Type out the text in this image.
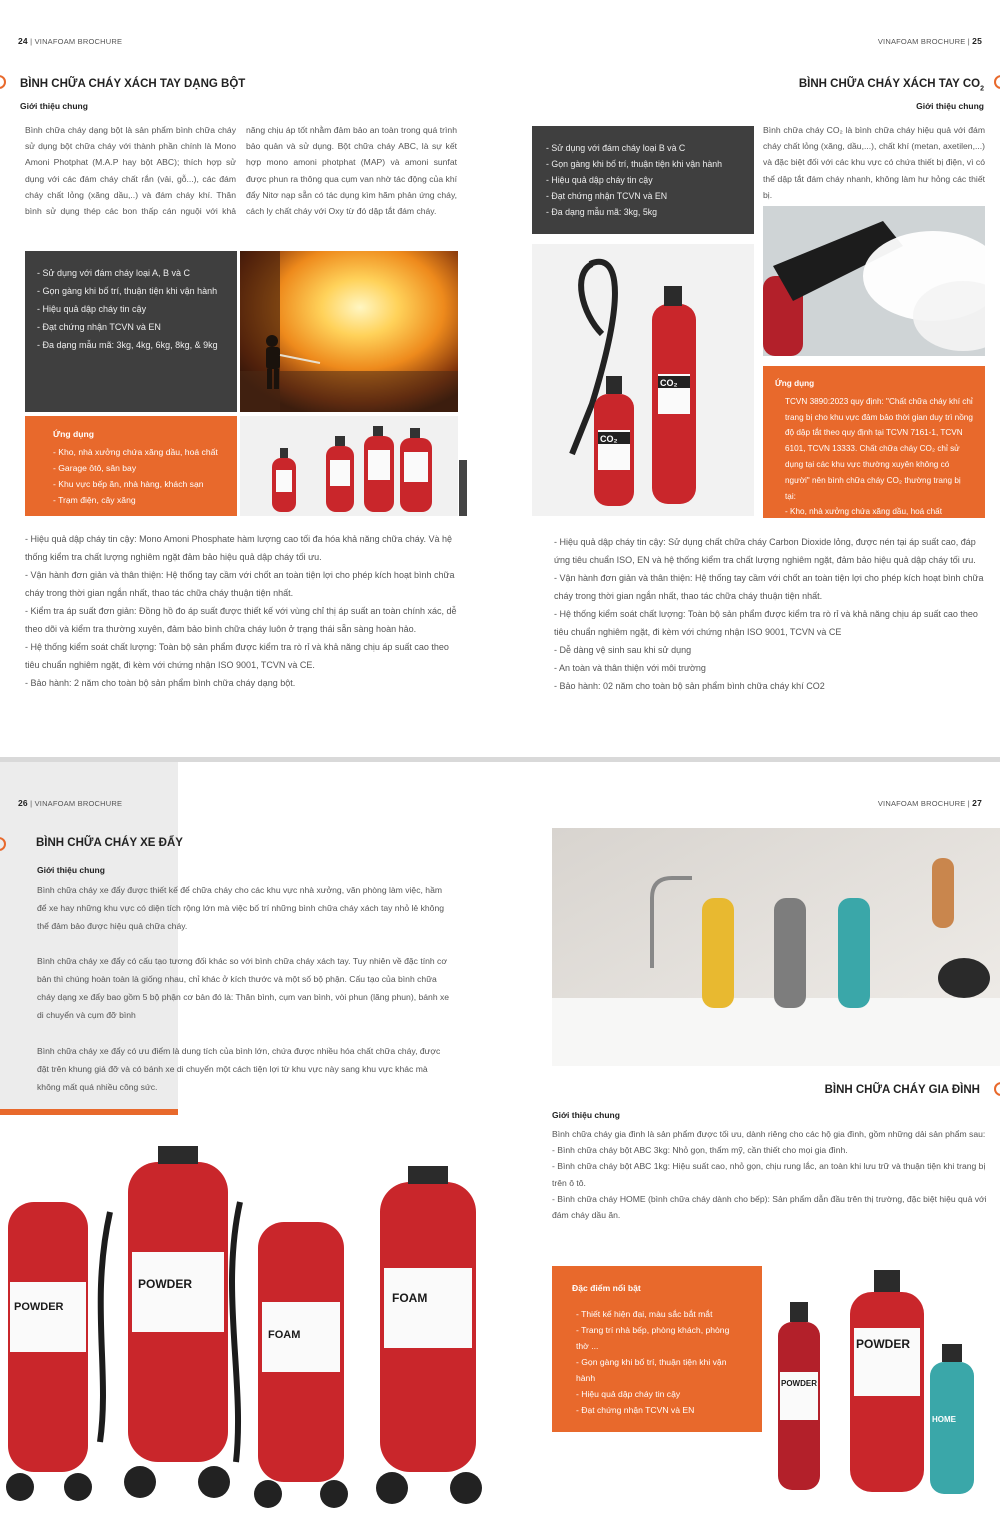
24 | VINAFOAM BROCHURE
BÌNH CHỮA CHÁY XÁCH TAY DẠNG BỘT
Giới thiệu chung
Bình chữa cháy dạng bột là sản phẩm bình chữa cháy sử dụng bột chữa cháy với thành phần chính là Mono Amoni Photphat (M.A.P hay bột ABC); thích hợp sử dụng với các đám cháy chất rắn (vải, gỗ...), các đám cháy chất lỏng (xăng dầu,..) và đám cháy khí. Thân bình sử dụng thép các bon thấp cán nguội với khả năng chịu áp tốt nhằm đảm bảo an toàn trong quá trình bảo quản và sử dụng. Bột chữa cháy ABC, là sự kết hợp mono amoni photphat (MAP) và amoni sunfat được phun ra thông qua cụm van nhờ tác động của khí đẩy Nitơ nạp sẵn có tác dụng kìm hãm phản ứng cháy, cách ly chất cháy với Oxy từ đó dập tắt đám cháy.
- Sử dụng với đám cháy loại A, B và C
- Gọn gàng khi bố trí, thuận tiện khi vận hành
- Hiệu quả dập cháy tin cậy
- Đạt chứng nhận TCVN và EN
- Đa dạng mẫu mã: 3kg, 4kg, 6kg, 8kg, & 9kg
Ứng dụng
- Kho, nhà xưởng chứa xăng dầu, hoá chất
- Garage ôtô, sân bay
- Khu vực bếp ăn, nhà hàng, khách sạn
- Trạm điện, cây xăng

- Hiệu quả dập cháy tin cậy: Mono Amoni Phosphate hàm lượng cao tối đa hóa khả năng chữa cháy. Và hệ thống kiểm tra chất lượng nghiêm ngặt đảm bảo hiệu quả dập cháy tối ưu.

- Vận hành đơn giản và thân thiện: Hệ thống tay cầm với chốt an toàn tiện lợi cho phép kích hoạt bình chữa cháy trong thời gian ngắn nhất, thao tác chữa cháy thuận tiện nhất.

- Kiểm tra áp suất đơn giản: Đồng hồ đo áp suất được thiết kế với vùng chỉ thị áp suất an toàn chính xác, dễ theo dõi và kiểm tra thường xuyên, đảm bảo bình chữa cháy luôn ở trạng thái sẵn sàng hoàn hảo.

- Hệ thống kiểm soát chất lượng: Toàn bộ sản phẩm được kiểm tra rò rỉ và khả năng chịu áp suất cao theo tiêu chuẩn nghiêm ngặt, đi kèm với chứng nhận ISO 9001, TCVN và CE.

- Bảo hành: 2 năm cho toàn bộ sản phẩm bình chữa cháy dạng bột.

VINAFOAM BROCHURE | 25
BÌNH CHỮA CHÁY XÁCH TAY $CO_2$
Giới thiệu chung
- Sử dụng với đám cháy loại B và C
- Gọn gàng khi bố trí, thuận tiện khi vận hành
- Hiệu quả dập cháy tin cậy
- Đạt chứng nhận TCVN và EN
- Đa dạng mẫu mã: 3kg, 5kg
Bình chữa cháy CO₂ là bình chữa cháy hiệu quả với đám cháy chất lỏng (xăng, dầu,...), chất khí (metan, axetilen,...) và đặc biệt đối với các khu vực có chứa thiết bị điện, vì có thể dập tắt đám cháy nhanh, không làm hư hỏng các thiết bị.
CO₂
CO₂
Ứng dụng
TCVN 3890:2023 quy định: "Chất chữa cháy khí chỉ trang bị cho khu vực đảm bảo thời gian duy trì nồng độ dập tắt theo quy định tại TCVN 7161-1, TCVN 6101, TCVN 13333. Chất chữa cháy CO₂ chỉ sử dụng tại các khu vực thường xuyên không có người" nên bình chữa cháy CO₂ thường trang bị tại:
- Kho, nhà xưởng chứa xăng dầu, hoá chất
- Phòng máy, phòng thiết bị điện, điện tử

- Hiệu quả dập cháy tin cậy: Sử dụng chất chữa cháy Carbon Dioxide lỏng, được nén tại áp suất cao, đáp ứng tiêu chuẩn ISO, EN và hệ thống kiểm tra chất lượng nghiêm ngặt, đảm bảo hiệu quả dập cháy tối ưu.

- Vận hành đơn giản và thân thiện: Hệ thống tay cầm với chốt an toàn tiện lợi cho phép kích hoạt bình chữa cháy trong thời gian ngắn nhất, thao tác chữa cháy thuận tiện nhất.

- Hệ thống kiểm soát chất lượng: Toàn bộ sản phẩm được kiểm tra rò rỉ và khả năng chịu áp suất cao theo tiêu chuẩn nghiêm ngặt, đi kèm với chứng nhận ISO 9001, TCVN và CE

- Dễ dàng vệ sinh sau khi sử dụng

- An toàn và thân thiện với môi trường

- Bảo hành: 02 năm cho toàn bộ sản phẩm bình chữa cháy khí CO2

26 | VINAFOAM BROCHURE
BÌNH CHỮA CHÁY XE ĐẨY
Giới thiệu chung
Bình chữa cháy xe đẩy được thiết kế để chữa cháy cho các khu vực nhà xưởng, văn phòng làm việc, hầm để xe hay những khu vực có diện tích rộng lớn mà việc bố trí những bình chữa cháy xách tay nhỏ lẻ không thể đảm bảo được hiệu quả chữa cháy.
Bình chữa cháy xe đẩy có cấu tạo tương đối khác so với bình chữa cháy xách tay. Tuy nhiên về đặc tính cơ bản thì chúng hoàn toàn là giống nhau, chỉ khác ở kích thước và một số bộ phận. Cấu tạo của bình chữa cháy dạng xe đẩy bao gồm 5 bộ phận cơ bản đó là: Thân bình, cụm van bình, vòi phun (lăng phun), bánh xe di chuyển và cụm đỡ bình
Bình chữa cháy xe đẩy có ưu điểm là dung tích của bình lớn, chứa được nhiều hóa chất chữa cháy, được đặt trên khung giá đỡ và có bánh xe di chuyển một cách tiện lợi từ khu vực này sang khu vực khác mà không mất quá nhiều công sức.
POWDER
POWDER
FOAM
FOAM
VINAFOAM BROCHURE | 27
BÌNH CHỮA CHÁY GIA ĐÌNH
Giới thiệu chung
Bình chữa cháy gia đình là sản phẩm được tối ưu, dành riêng cho các hộ gia đình, gồm những dải sản phẩm sau:
- Bình chữa cháy bột ABC 3kg: Nhỏ gọn, thẩm mỹ, cần thiết cho mọi gia đình.
- Bình chữa cháy bột ABC 1kg: Hiệu suất cao, nhỏ gọn, chịu rung lắc, an toàn khi lưu trữ và thuận tiện khi trang bị trên ô tô.
- Bình chữa cháy HOME (bình chữa cháy dành cho bếp): Sản phẩm dẫn đầu trên thị trường, đặc biệt hiệu quả với đám cháy dầu ăn.
Đặc điểm nổi bật
- Thiết kế hiện đại, màu sắc bắt mắt
- Trang trí nhà bếp, phòng khách, phòng thờ ...
- Gọn gàng khi bố trí, thuận tiện khi vận hành
- Hiệu quả dập cháy tin cậy
- Đạt chứng nhận TCVN và EN
POWDER
POWDER
HOME
